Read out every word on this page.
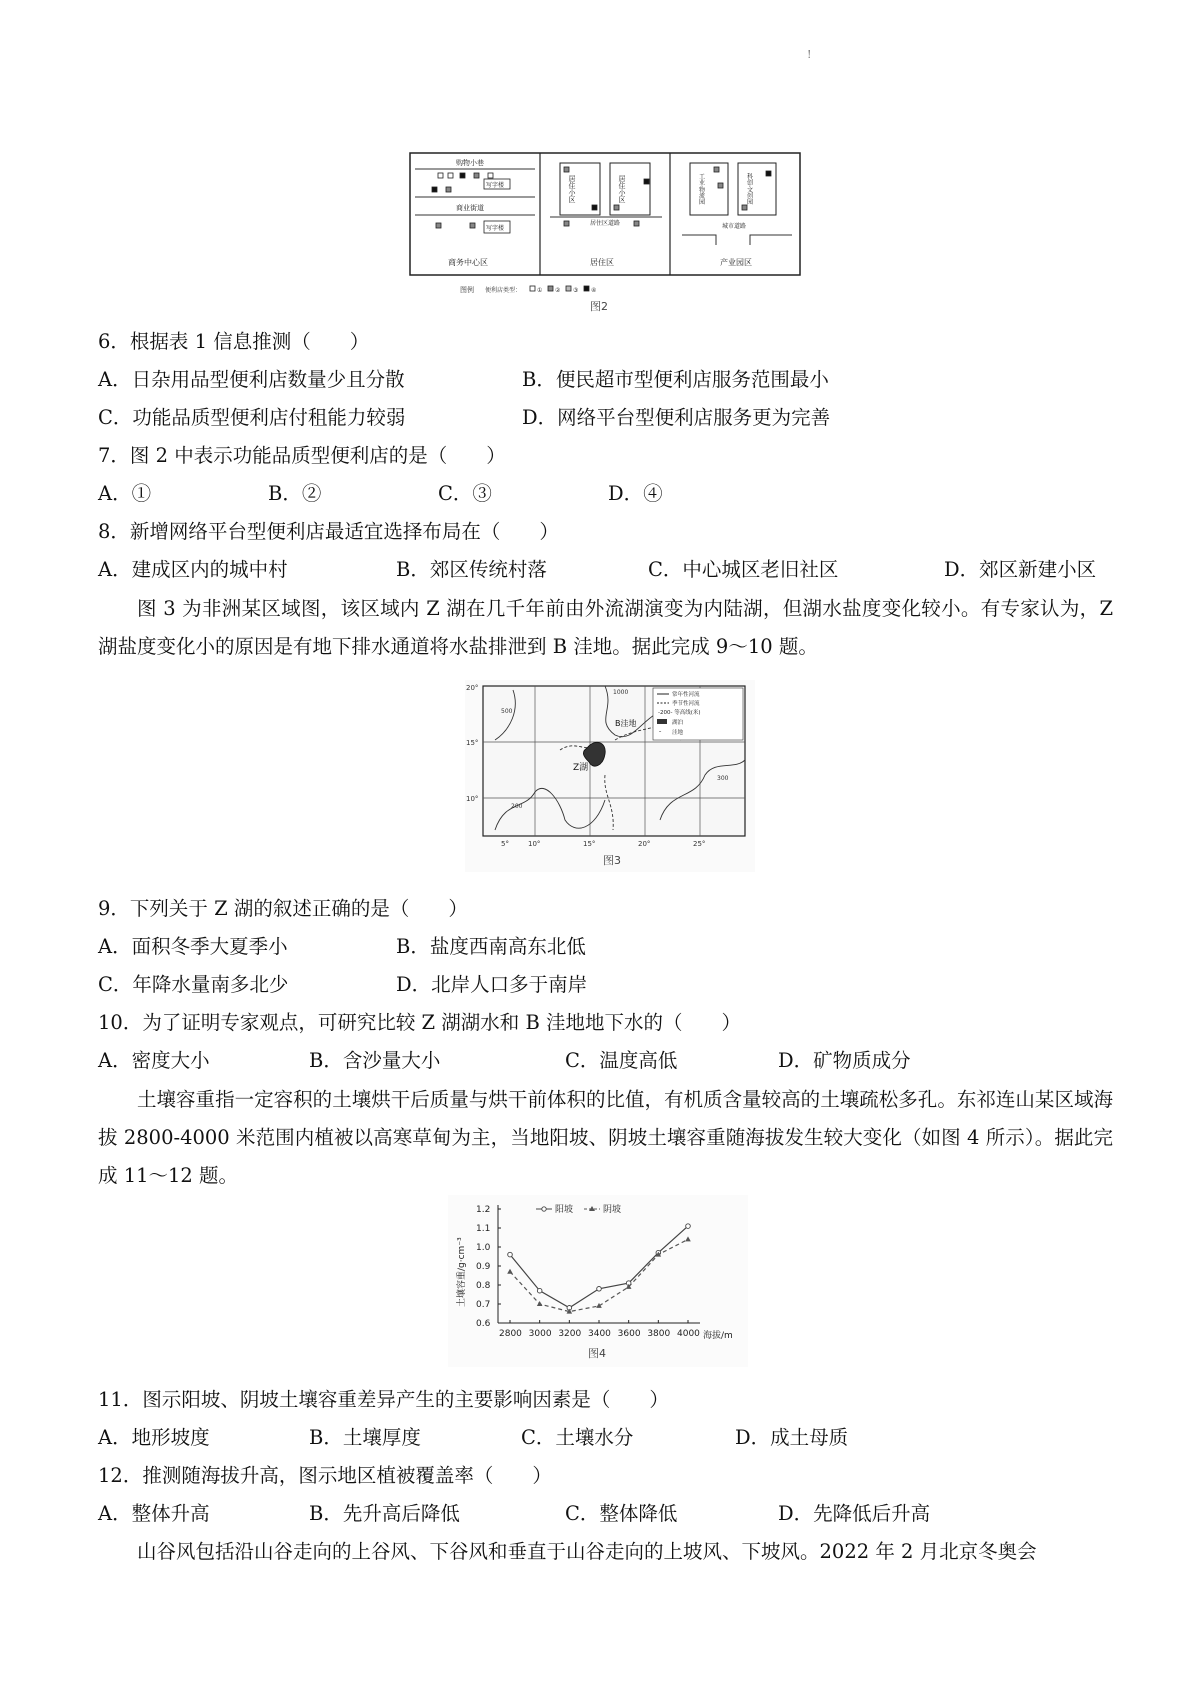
!
购物小巷
写字楼
商业街道
写字楼
商务中心区
居住小区	居住小区
居住区道路
居住区
工业·物流园	科创·文创园
城市道路
产业园区
图例 便利店类型：	① ② ③ ④
图2
6．根据表 1 信息推测（　　）
A．日杂用品型便利店数量少且分散	B．便民超市型便利店服务范围最小
C．功能品质型便利店付租能力较弱	D．网络平台型便利店服务更为完善
7．图 2 中表示功能品质型便利店的是（　　）
A．①	B．②	C．③	D．④
8．新增网络平台型便利店最适宜选择布局在（　　）
A．建成区内的城中村	B．郊区传统村落	C．中心城区老旧社区	D．郊区新建小区
图 3 为非洲某区域图，该区域内 Z 湖在几千年前由外流湖演变为内陆湖，但湖水盐度变化较小。有专家认为，Z 湖盐度变化小的原因是有地下排水通道将水盐排泄到 B 洼地。据此完成 9～10 题。
Z湖
B洼地
1000
500
200
300
常年性河流
季节性河流
-200- 等高线(米)
湖泊
ᵕ 洼地
20°
15°
10°
5°	10°	15°	20°	25°
图3
9．下列关于 Z 湖的叙述正确的是（　　）
A．面积冬季大夏季小	B．盐度西南高东北低
C．年降水量南多北少	D．北岸人口多于南岸
10．为了证明专家观点，可研究比较 Z 湖湖水和 B 洼地地下水的（　　）
A．密度大小	B．含沙量大小	C．温度高低	D．矿物质成分
土壤容重指一定容积的土壤烘干后质量与烘干前体积的比值，有机质含量较高的土壤疏松多孔。东祁连山某区域海拔 2800-4000 米范围内植被以高寒草甸为主，当地阳坡、阴坡土壤容重随海拔发生较大变化（如图 4 所示）。据此完成 11～12 题。
0.6
0.7
0.8
0.9
1.0
1.1
1.2
2800 3000 3200 3400 3600 3800 4000
土壤容重/g·cm⁻³
海拔/m
阳坡	阴坡
图4
11．图示阳坡、阴坡土壤容重差异产生的主要影响因素是（　　）
A．地形坡度	B．土壤厚度	C．土壤水分	D．成土母质
12．推测随海拔升高，图示地区植被覆盖率（　　）
A．整体升高	B．先升高后降低	C．整体降低	D．先降低后升高
山谷风包括沿山谷走向的上谷风、下谷风和垂直于山谷走向的上坡风、下坡风。2022 年 2 月北京冬奥会
